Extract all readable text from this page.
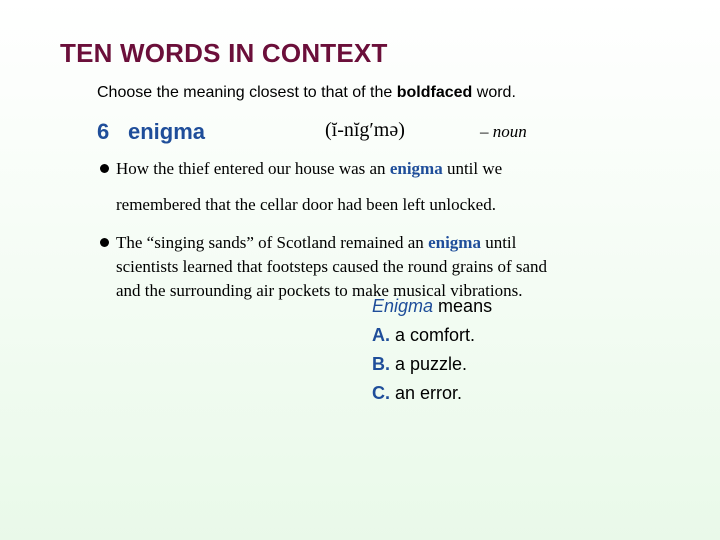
TEN WORDS IN CONTEXT
Choose the meaning closest to that of the boldfaced word.
6 enigma	(ĭ-nĭg′mə)	– noun
How the thief entered our house was an enigma until we
remembered that the cellar door had been left unlocked.
The “singing sands” of Scotland remained an enigma until
scientists learned that footsteps caused the round grains of sand
and the surrounding air pockets to make musical vibrations.
Enigma means
A. a comfort.
B. a puzzle.
C. an error.
